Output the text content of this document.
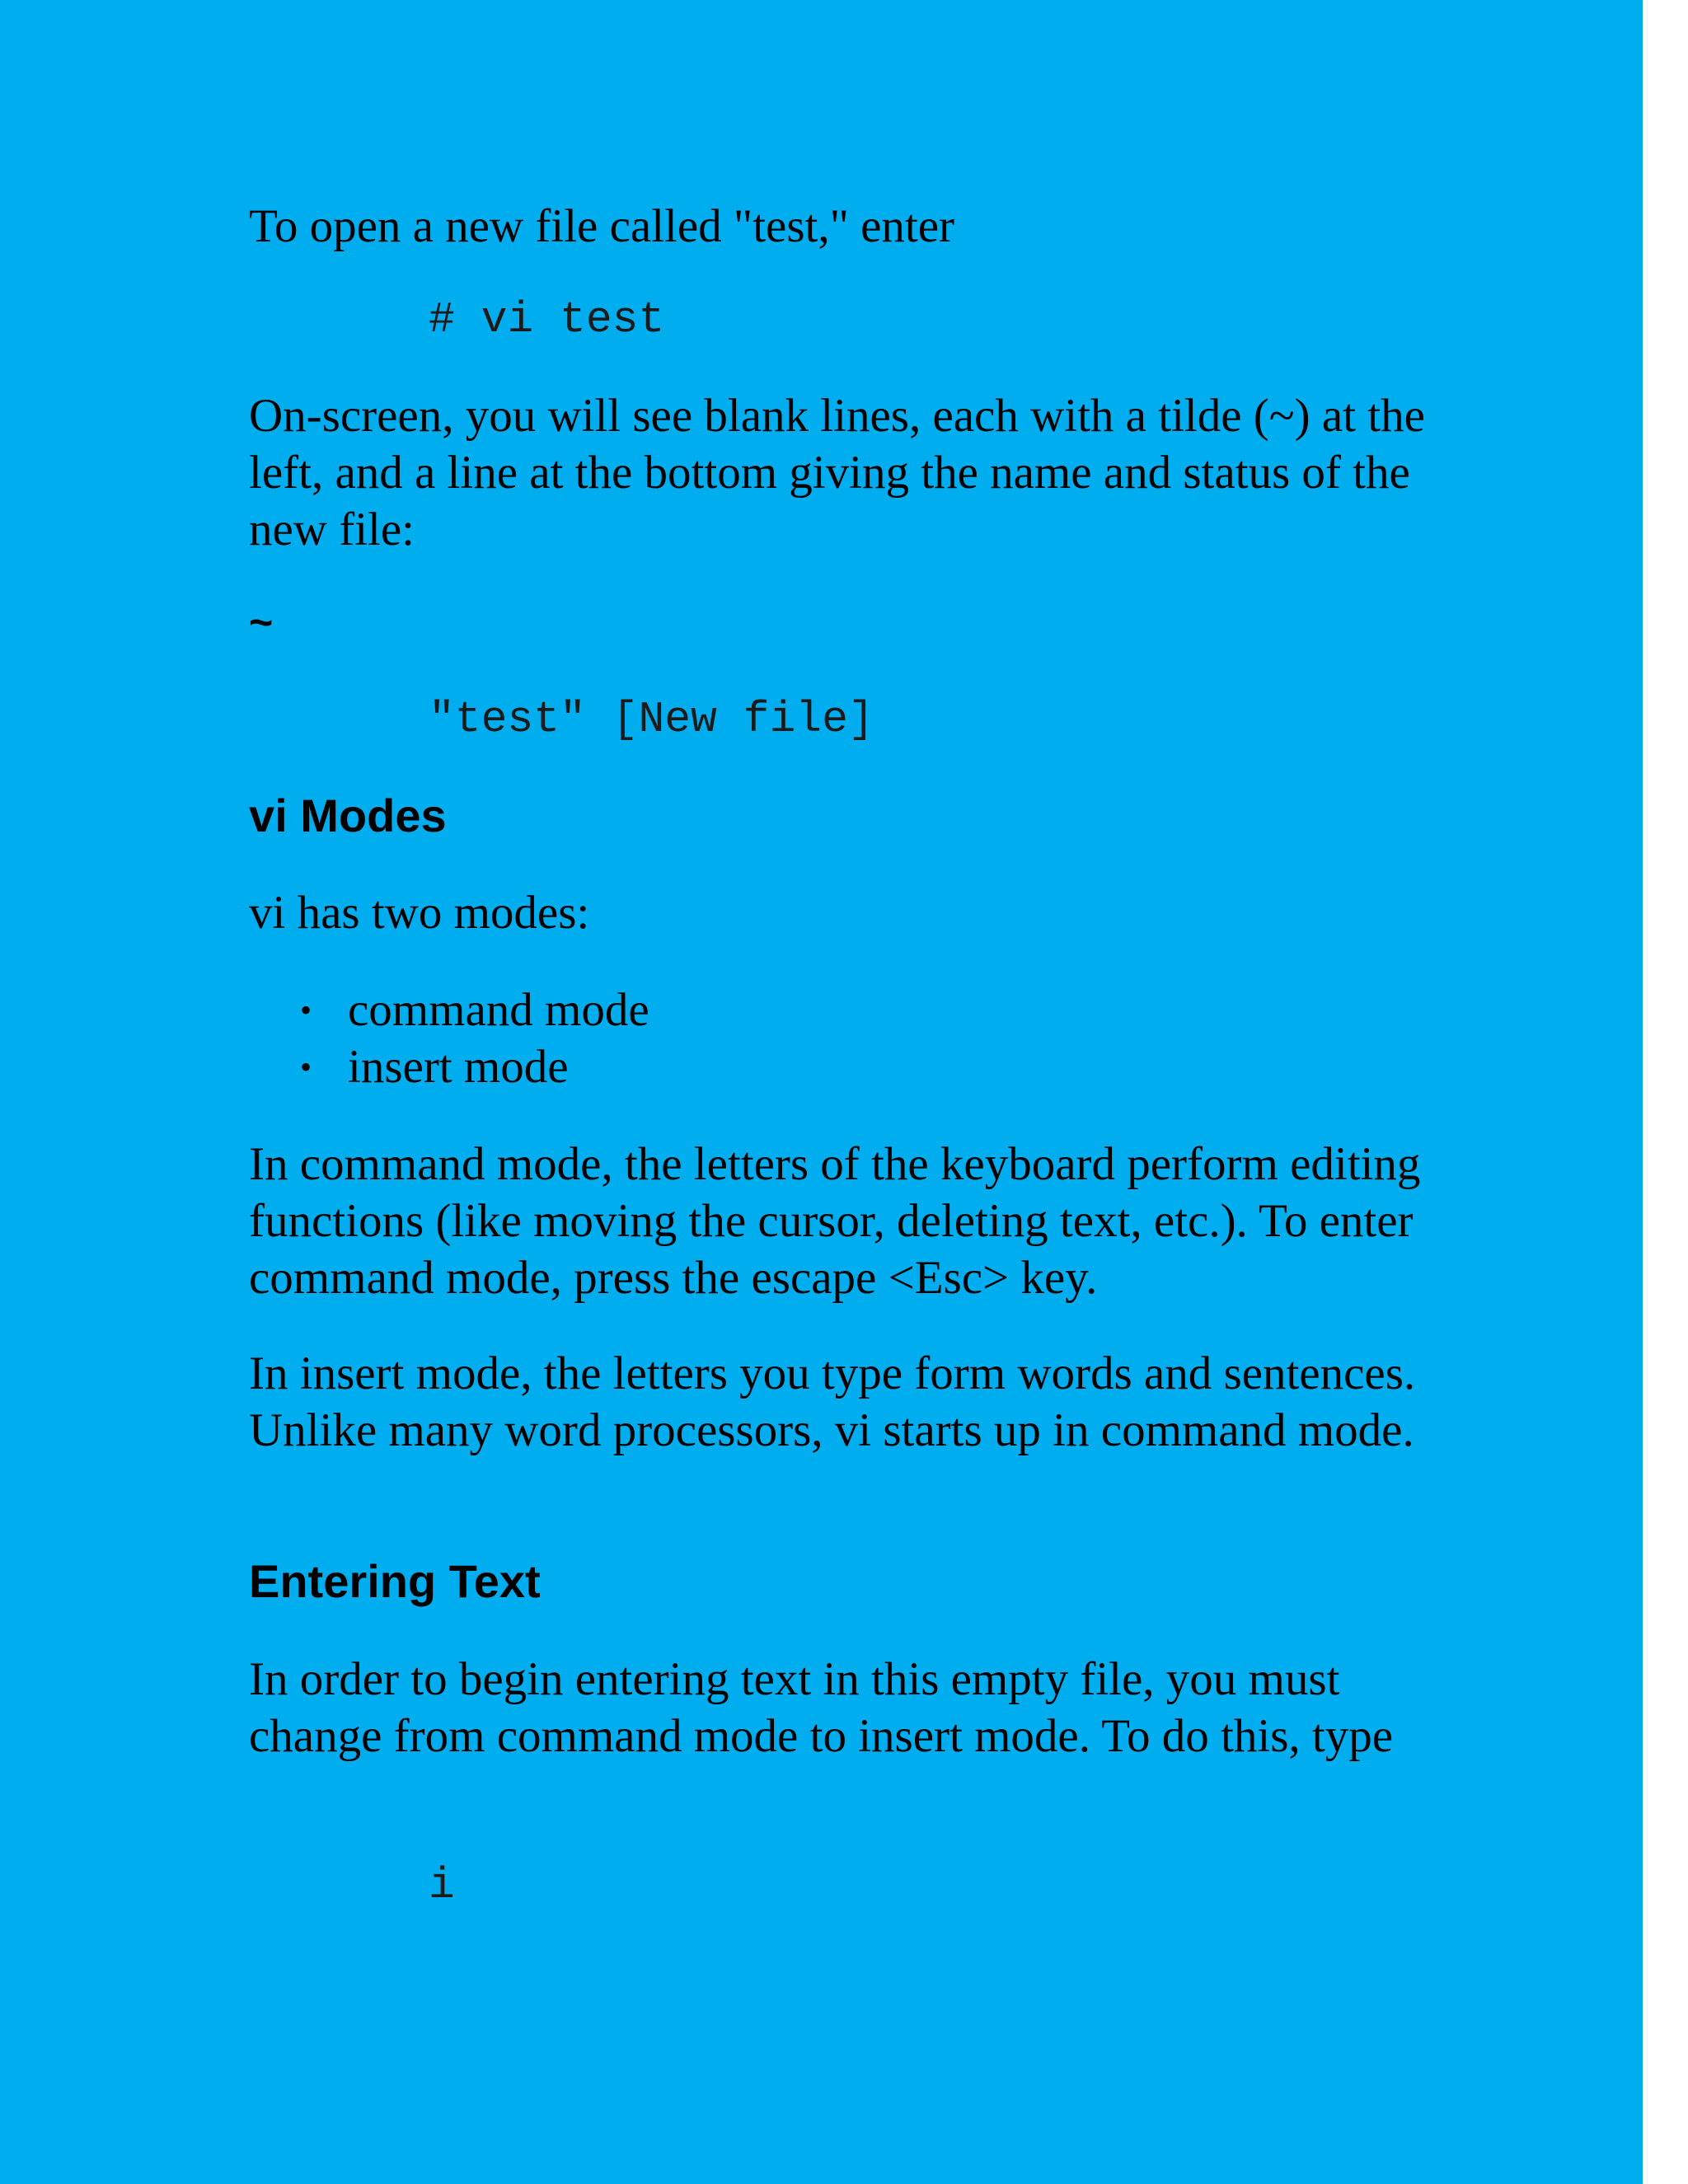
To open a new file called "test," enter

# vi test

On-screen, you will see blank lines, each with a tilde (~) at the left, and a line at the bottom giving the name and status of the new file:

~
"test" [New file]
vi Modes

vi has two modes:

• command mode
• insert mode

In command mode, the letters of the keyboard perform editing functions (like moving the cursor, deleting text, etc.). To enter command mode, press the escape <Esc> key.

In insert mode, the letters you type form words and sentences. Unlike many word processors, vi starts up in command mode.

Entering Text

In order to begin entering text in this empty file, you must change from command mode to insert mode. To do this, type

i
